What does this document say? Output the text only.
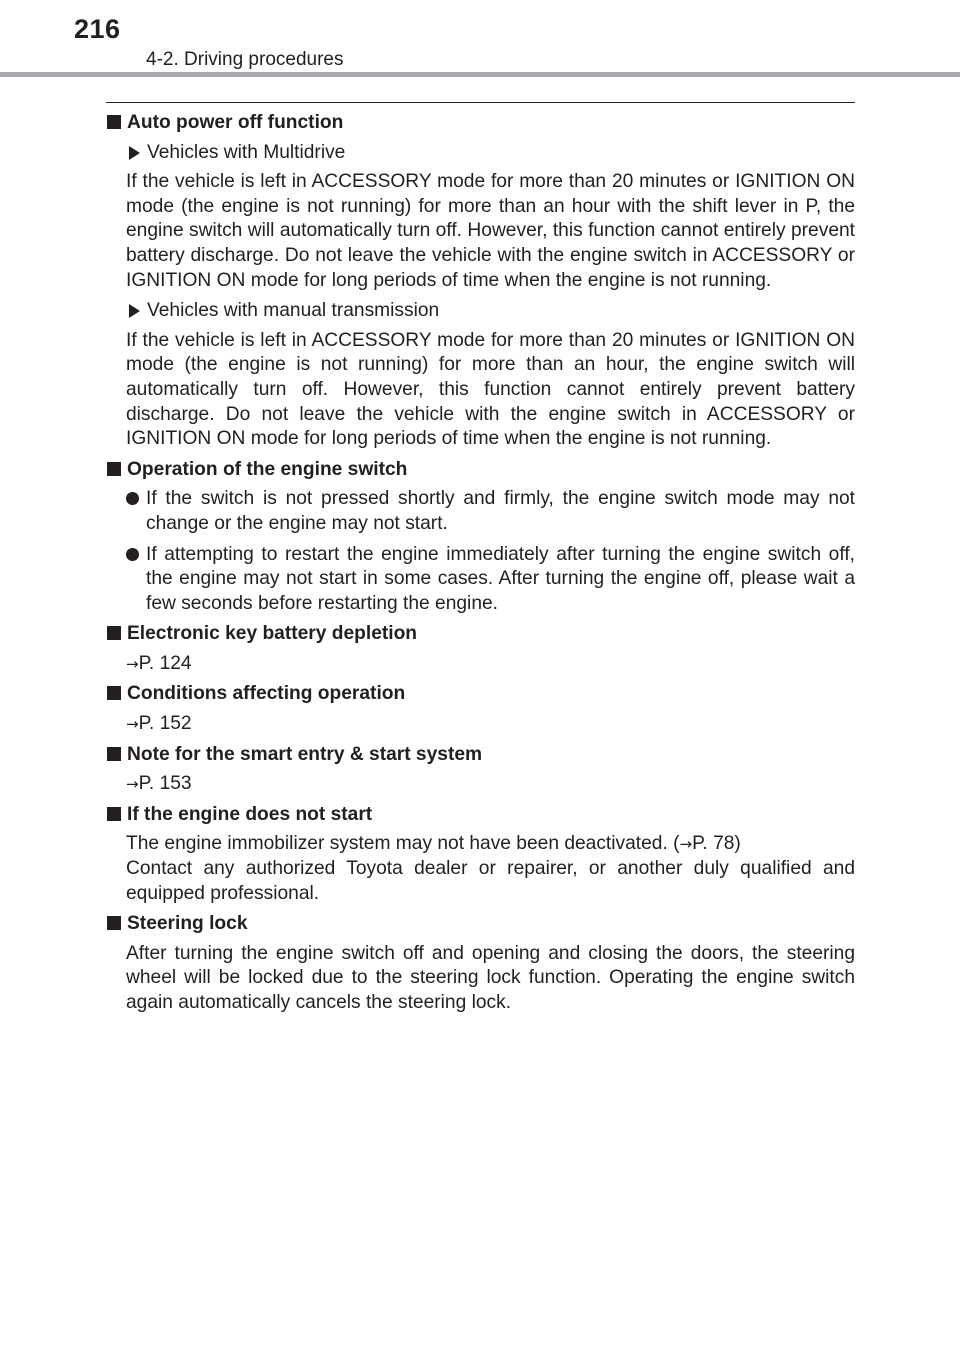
216
4-2. Driving procedures
Auto power off function
Vehicles with Multidrive

If the vehicle is left in ACCESSORY mode for more than 20 minutes or IGNITION ON mode (the engine is not running) for more than an hour with the shift lever in P, the engine switch will automatically turn off. However, this function cannot entirely prevent battery discharge. Do not leave the vehicle with the engine switch in ACCESSORY or IGNITION ON mode for long periods of time when the engine is not running.

Vehicles with manual transmission

If the vehicle is left in ACCESSORY mode for more than 20 minutes or IGNITION ON mode (the engine is not running) for more than an hour, the engine switch will automatically turn off. However, this function cannot entirely prevent battery discharge. Do not leave the vehicle with the engine switch in ACCESSORY or IGNITION ON mode for long periods of time when the engine is not running.

Operation of the engine switch
If the switch is not pressed shortly and firmly, the engine switch mode may not change or the engine may not start.
If attempting to restart the engine immediately after turning the engine switch off, the engine may not start in some cases. After turning the engine off, please wait a few seconds before restarting the engine.
Electronic key battery depletion
→P. 124
Conditions affecting operation
→P. 152
Note for the smart entry & start system
→P. 153
If the engine does not start

The engine immobilizer system may not have been deactivated. (→P. 78)

Contact any authorized Toyota dealer or repairer, or another duly qualified and equipped professional.

Steering lock

After turning the engine switch off and opening and closing the doors, the steering wheel will be locked due to the steering lock function. Operating the engine switch again automatically cancels the steering lock.
